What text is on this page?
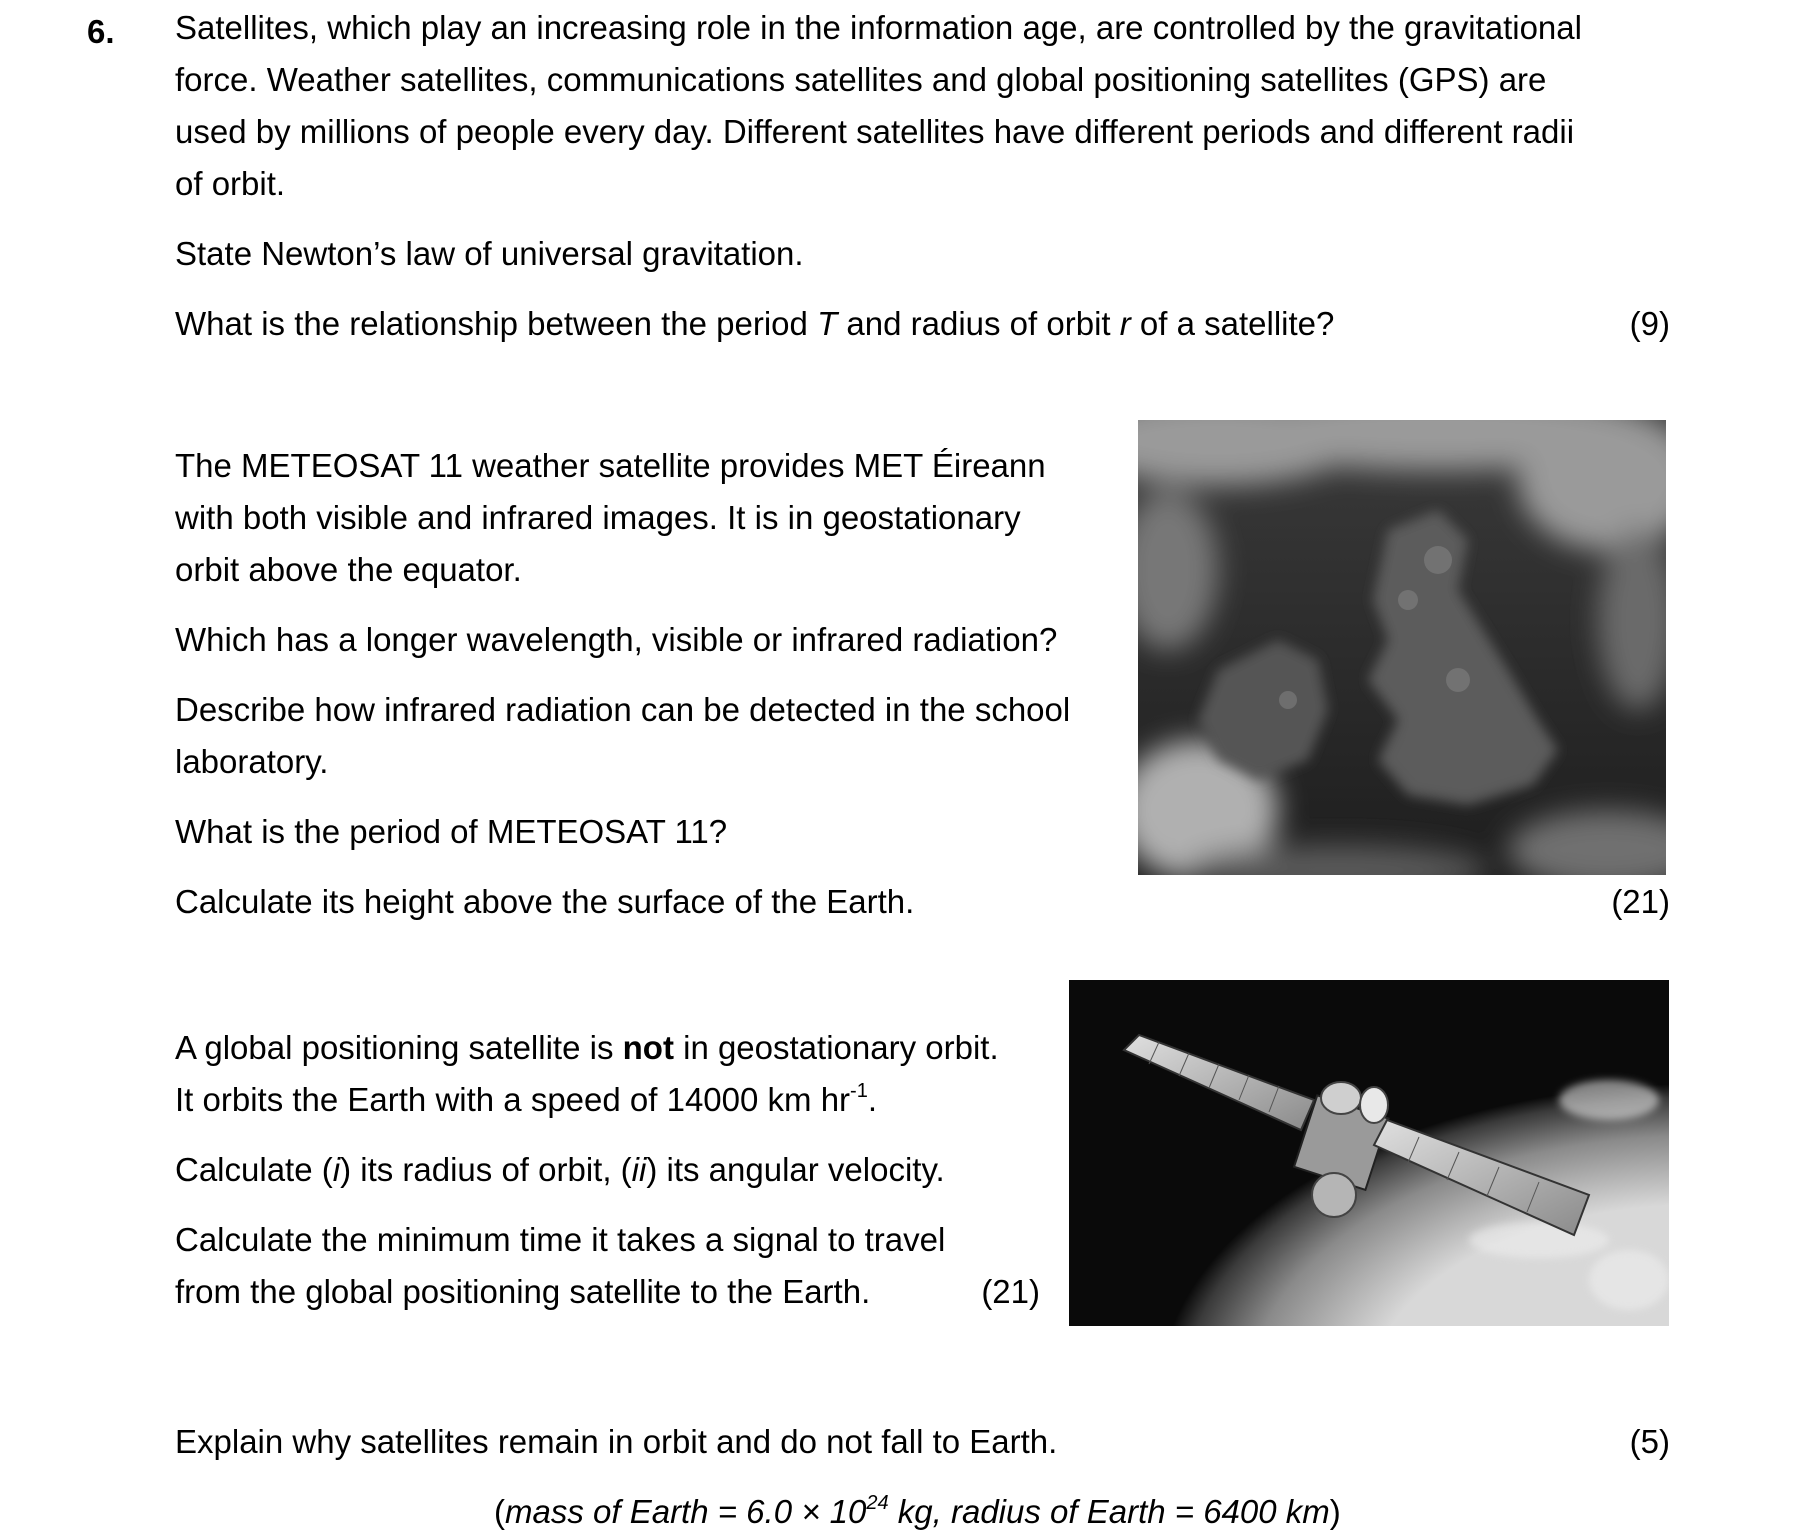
6. Satellites, which play an increasing role in the information age, are controlled by the gravitational
force. Weather satellites, communications satellites and global positioning satellites (GPS) are
used by millions of people every day. Different satellites have different periods and different radii
of orbit.
State Newton’s law of universal gravitation.
What is the relationship between the period T and radius of orbit r of a satellite?	(9)
The METEOSAT 11 weather satellite provides MET Éireann
with both visible and infrared images. It is in geostationary
orbit above the equator.
Which has a longer wavelength, visible or infrared radiation?
Describe how infrared radiation can be detected in the school
laboratory.
What is the period of METEOSAT 11?
Calculate its height above the surface of the Earth.	(21)
A global positioning satellite is not in geostationary orbit.
It orbits the Earth with a speed of 14000 km $hr^{-1}$.
Calculate (i) its radius of orbit, (ii) its angular velocity.
Calculate the minimum time it takes a signal to travel
from the global positioning satellite to the Earth.	(21)
Explain why satellites remain in orbit and do not fall to Earth.	(5)
(mass of Earth = $6.0 \times 10^{24}$ kg, radius of Earth = 6400 km)
